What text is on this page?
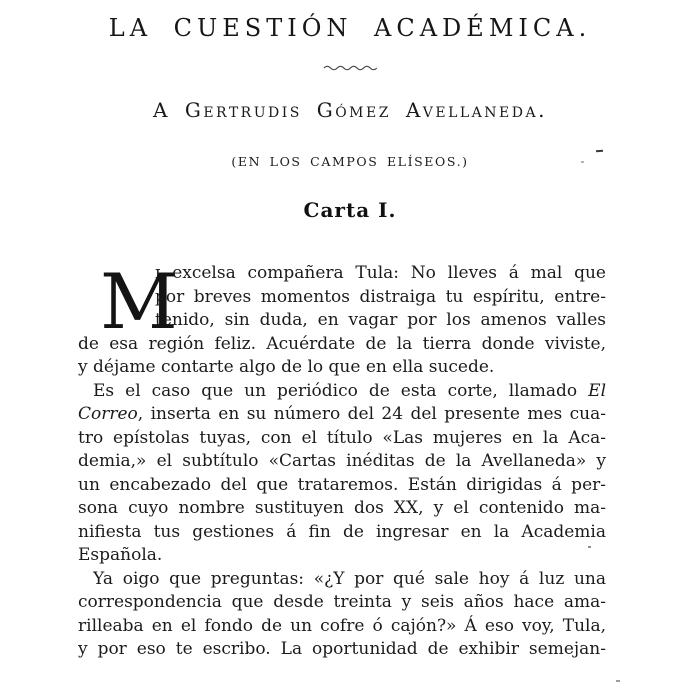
LA CUESTIÓN ACADÉMICA.
A Gertrudis Gómez Avellaneda.
(EN LOS CAMPOS ELÍSEOS.)
Carta I.
M
ɪ excelsa compañera Tula: No lleves á mal que
por breves momentos distraiga tu espíritu, entre-
tenido, sin duda, en vagar por los amenos valles
de esa región feliz. Acuérdate de la tierra donde viviste,
y déjame contarte algo de lo que en ella sucede.
Es el caso que un periódico de esta corte, llamado El
Correo, inserta en su número del 24 del presente mes cua-
tro epístolas tuyas, con el título «Las mujeres en la Aca-
demia,» el subtítulo «Cartas inéditas de la Avellaneda» y
un encabezado del que trataremos. Están dirigidas á per-
sona cuyo nombre sustituyen dos XX, y el contenido ma-
nifiesta tus gestiones á fin de ingresar en la Academia
Española.
Ya oigo que preguntas: «¿Y por qué sale hoy á luz una
correspondencia que desde treinta y seis años hace ama-
rilleaba en el fondo de un cofre ó cajón?» Á eso voy, Tula,
y por eso te escribo. La oportunidad de exhibir semejan-
